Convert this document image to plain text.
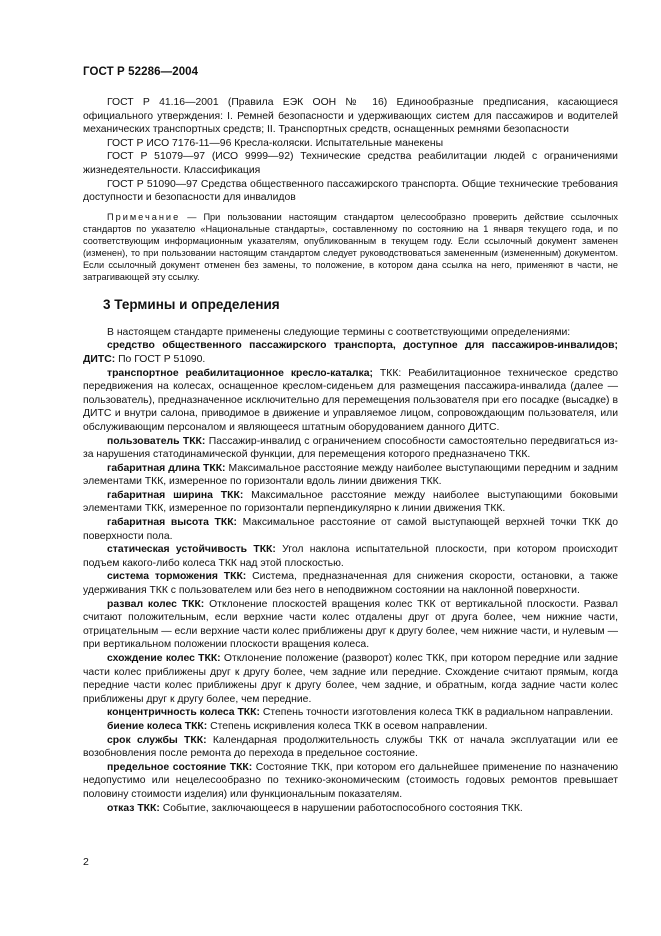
ГОСТ Р 52286—2004

ГОСТ Р 41.16—2001 (Правила ЕЭК ООН № 16) Единообразные предписания, касающиеся официального утверждения: I. Ремней безопасности и удерживающих систем для пассажиров и водителей механических транспортных средств; II. Транспортных средств, оснащенных ремнями безопасности

ГОСТ Р ИСО 7176-11—96 Кресла-коляски. Испытательные манекены

ГОСТ Р 51079—97 (ИСО 9999—92) Технические средства реабилитации людей с ограничениями жизнедеятельности. Классификация

ГОСТ Р 51090—97 Средства общественного пассажирского транспорта. Общие технические требования доступности и безопасности для инвалидов

Примечание — При пользовании настоящим стандартом целесообразно проверить действие ссылочных стандартов по указателю «Национальные стандарты», составленному по состоянию на 1 января текущего года, и по соответствующим информационным указателям, опубликованным в текущем году. Если ссылочный документ заменен (изменен), то при пользовании настоящим стандартом следует руководствоваться замененным (измененным) документом. Если ссылочный документ отменен без замены, то положение, в котором дана ссылка на него, применяют в части, не затрагивающей эту ссылку.

3 Термины и определения

В настоящем стандарте применены следующие термины с соответствующими определениями:

средство общественного пассажирского транспорта, доступное для пассажиров-инвалидов; ДИТС: По ГОСТ Р 51090.

транспортное реабилитационное кресло-каталка; ТКК: Реабилитационное техническое средство передвижения на колесах, оснащенное креслом-сиденьем для размещения пассажира-инвалида (далее — пользователь), предназначенное исключительно для перемещения пользователя при его посадке (высадке) в ДИТС и внутри салона, приводимое в движение и управляемое лицом, сопровождающим пользователя, или обслуживающим персоналом и являющееся штатным оборудованием данного ДИТС.

пользователь ТКК: Пассажир-инвалид с ограничением способности самостоятельно передвигаться из-за нарушения статодинамической функции, для перемещения которого предназначено ТКК.

габаритная длина ТКК: Максимальное расстояние между наиболее выступающими передним и задним элементами ТКК, измеренное по горизонтали вдоль линии движения ТКК.

габаритная ширина ТКК: Максимальное расстояние между наиболее выступающими боковыми элементами ТКК, измеренное по горизонтали перпендикулярно к линии движения ТКК.

габаритная высота ТКК: Максимальное расстояние от самой выступающей верхней точки ТКК до поверхности пола.

статическая устойчивость ТКК: Угол наклона испытательной плоскости, при котором происходит подъем какого-либо колеса ТКК над этой плоскостью.

система торможения ТКК: Система, предназначенная для снижения скорости, остановки, а также удерживания ТКК с пользователем или без него в неподвижном состоянии на наклонной поверхности.

развал колес ТКК: Отклонение плоскостей вращения колес ТКК от вертикальной плоскости. Развал считают положительным, если верхние части колес отдалены друг от друга более, чем нижние части, отрицательным — если верхние части колес приближены друг к другу более, чем нижние части, и нулевым — при вертикальном положении плоскости вращения колеса.

схождение колес ТКК: Отклонение положение (разворот) колес ТКК, при котором передние или задние части колес приближены друг к другу более, чем задние или передние. Схождение считают прямым, когда передние части колес приближены друг к другу более, чем задние, и обратным, когда задние части колес приближены друг к другу более, чем передние.

концентричность колеса ТКК: Степень точности изготовления колеса ТКК в радиальном направлении.

биение колеса ТКК: Степень искривления колеса ТКК в осевом направлении.

срок службы ТКК: Календарная продолжительность службы ТКК от начала эксплуатации или ее возобновления после ремонта до перехода в предельное состояние.

предельное состояние ТКК: Состояние ТКК, при котором его дальнейшее применение по назначению недопустимо или нецелесообразно по технико-экономическим (стоимость годовых ремонтов превышает половину стоимости изделия) или функциональным показателям.

отказ ТКК: Событие, заключающееся в нарушении работоспособного состояния ТКК.

2
